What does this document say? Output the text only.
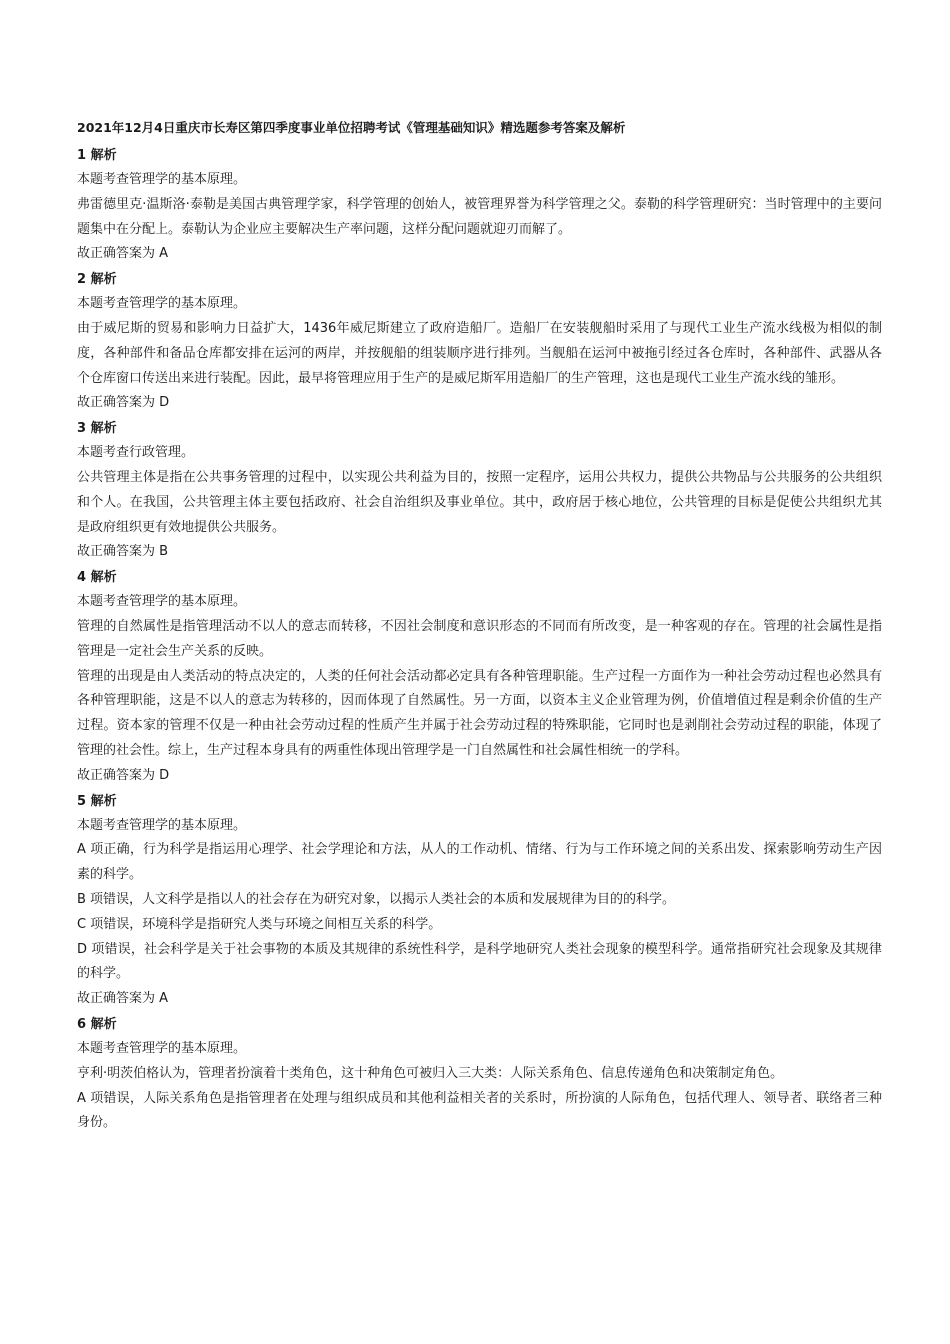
2021年12月4日重庆市长寿区第四季度事业单位招聘考试《管理基础知识》精选题参考答案及解析
1 解析

本题考查管理学的基本原理。

弗雷德里克·温斯洛·泰勒是美国古典管理学家，科学管理的创始人，被管理界誉为科学管理之父。泰勒的科学管理研究：当时管理中的主要问题集中在分配上。泰勒认为企业应主要解决生产率问题，这样分配问题就迎刃而解了。

故正确答案为 A

2 解析

本题考查管理学的基本原理。

由于威尼斯的贸易和影响力日益扩大，1436年威尼斯建立了政府造船厂。造船厂在安装舰船时采用了与现代工业生产流水线极为相似的制度，各种部件和备品仓库都安排在运河的两岸，并按舰船的组装顺序进行排列。当舰船在运河中被拖引经过各仓库时，各种部件、武器从各个仓库窗口传送出来进行装配。因此，最早将管理应用于生产的是威尼斯军用造船厂的生产管理，这也是现代工业生产流水线的雏形。

故正确答案为 D

3 解析

本题考查行政管理。

公共管理主体是指在公共事务管理的过程中，以实现公共利益为目的，按照一定程序，运用公共权力，提供公共物品与公共服务的公共组织和个人。在我国，公共管理主体主要包括政府、社会自治组织及事业单位。其中，政府居于核心地位，公共管理的目标是促使公共组织尤其是政府组织更有效地提供公共服务。

故正确答案为 B

4 解析

本题考查管理学的基本原理。

管理的自然属性是指管理活动不以人的意志而转移，不因社会制度和意识形态的不同而有所改变，是一种客观的存在。管理的社会属性是指管理是一定社会生产关系的反映。

管理的出现是由人类活动的特点决定的，人类的任何社会活动都必定具有各种管理职能。生产过程一方面作为一种社会劳动过程也必然具有各种管理职能，这是不以人的意志为转移的，因而体现了自然属性。另一方面，以资本主义企业管理为例，价值增值过程是剩余价值的生产过程。资本家的管理不仅是一种由社会劳动过程的性质产生并属于社会劳动过程的特殊职能，它同时也是剥削社会劳动过程的职能，体现了管理的社会性。综上，生产过程本身具有的两重性体现出管理学是一门自然属性和社会属性相统一的学科。

故正确答案为 D

5 解析

本题考查管理学的基本原理。

A 项正确，行为科学是指运用心理学、社会学理论和方法，从人的工作动机、情绪、行为与工作环境之间的关系出发、探索影响劳动生产因素的科学。

B 项错误，人文科学是指以人的社会存在为研究对象，以揭示人类社会的本质和发展规律为目的的科学。

C 项错误，环境科学是指研究人类与环境之间相互关系的科学。

D 项错误，社会科学是关于社会事物的本质及其规律的系统性科学，是科学地研究人类社会现象的模型科学。通常指研究社会现象及其规律的科学。

故正确答案为 A

6 解析

本题考查管理学的基本原理。

亨利·明茨伯格认为，管理者扮演着十类角色，这十种角色可被归入三大类：人际关系角色、信息传递角色和决策制定角色。

A 项错误，人际关系角色是指管理者在处理与组织成员和其他利益相关者的关系时，所扮演的人际角色，包括代理人、领导者、联络者三种身份。
